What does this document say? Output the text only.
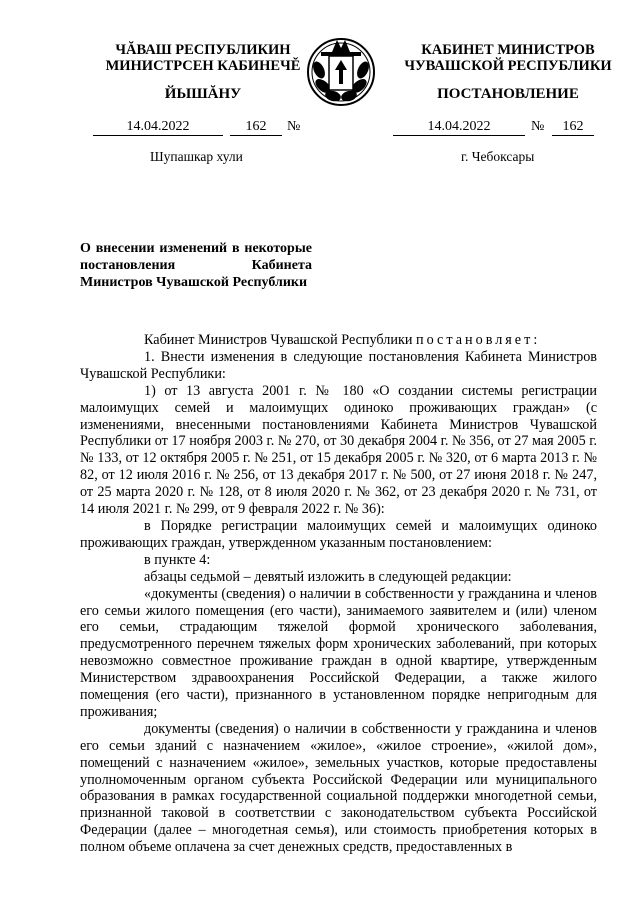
ЧĂВАШ РЕСПУБЛИКИН
МИНИСТРСЕН КАБИНЕЧĔ
КАБИНЕТ МИНИСТРОВ
ЧУВАШСКОЙ РЕСПУБЛИКИ
ЙЫШĂНУ	ПОСТАНОВЛЕНИЕ
14.04.2022	162	№	14.04.2022	№	162
Шупашкар хули	г. Чебоксары
О внесении изменений в некоторые постановления Кабинета Министров Чувашской Республики

Кабинет Министров Чувашской Республики постановляет:

1. Внести изменения в следующие постановления Кабинета Министров Чувашской Республики:

1) от 13 августа 2001 г. № 180 «О создании системы регистрации малоимущих семей и малоимущих одиноко проживающих граждан» (с изменениями, внесенными постановлениями Кабинета Министров Чувашской Республики от 17 ноября 2003 г. № 270, от 30 декабря 2004 г. № 356, от 27 мая 2005 г. № 133, от 12 октября 2005 г. № 251, от 15 декабря 2005 г. № 320, от 6 марта 2013 г. № 82, от 12 июля 2016 г. № 256, от 13 декабря 2017 г. № 500, от 27 июня 2018 г. № 247, от 25 марта 2020 г. № 128, от 8 июля 2020 г. № 362, от 23 декабря 2020 г. № 731, от 14 июля 2021 г. № 299, от 9 февраля 2022 г. № 36):

в Порядке регистрации малоимущих семей и малоимущих одиноко проживающих граждан, утвержденном указанным постановлением:

в пункте 4:

абзацы седьмой – девятый изложить в следующей редакции:

«документы (сведения) о наличии в собственности у гражданина и членов его семьи жилого помещения (его части), занимаемого заявителем и (или) членом его семьи, страдающим тяжелой формой хронического заболевания, предусмотренного перечнем тяжелых форм хронических заболеваний, при которых невозможно совместное проживание граждан в одной квартире, утвержденным Министерством здравоохранения Российской Федерации, а также жилого помещения (его части), признанного в установленном порядке непригодным для проживания;

документы (сведения) о наличии в собственности у гражданина и членов его семьи зданий с назначением «жилое», «жилое строение», «жилой дом», помещений с назначением «жилое», земельных участков, которые предоставлены уполномоченным органом субъекта Российской Федерации или муниципального образования в рамках государственной социальной поддержки многодетной семьи, признанной таковой в соответствии с законодательством субъекта Российской Федерации (далее – многодетная семья), или стоимость приобретения которых в полном объеме оплачена за счет денежных средств, предоставленных в
